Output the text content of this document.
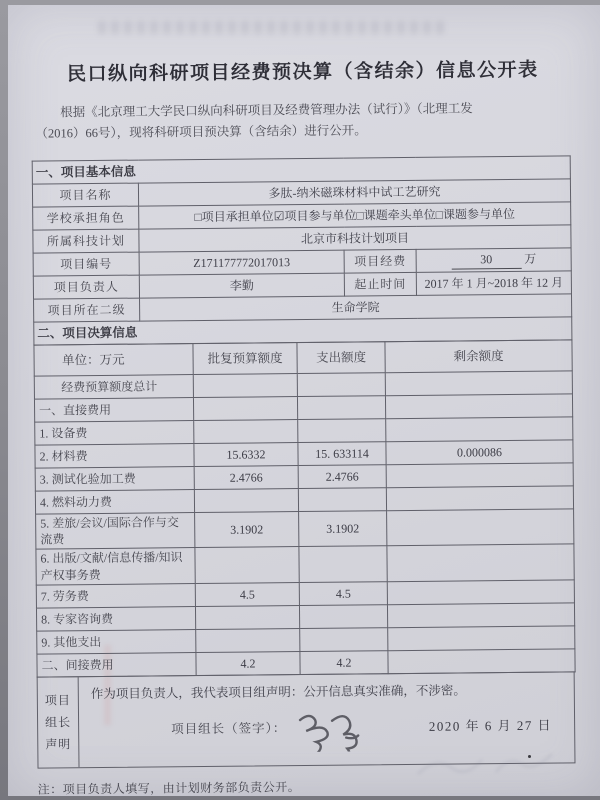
民口纵向科研项目经费预决算（含结余）信息公开表
根据《北京理工大学民口纵向科研项目及经费管理办法（试行）》（北理工发
（2016）66号），现将科研项目预决算（含结余）进行公开。
一、项目基本信息			
项目名称	多肽-纳米磁珠材料中试工艺研究		
学校承担角色	□项目承担单位☑项目参与单位□课题牵头单位□课题参与单位		
所属科技计划	北京市科技计划项目		
项目编号	Z171177772017013	项目经费	30 万
项目负责人	李勤	起止时间	2017 年 1 月~2018 年 12 月
项目所在二级	生命学院		
二、项目决算信息			
单位：万元	批复预算额度	支出额度	剩余额度
经费预算额度总计			
一、直接费用			
1. 设备费			
2. 材料费	15.6332	15. 633114	0.000086
3. 测试化验加工费	2.4766	2.4766	
4. 燃料动力费			
5. 差旅/会议/国际合作与交流费	3.1902	3.1902	
6. 出版/文献/信息传播/知识产权事务费			
7. 劳务费	4.5	4.5	
8. 专家咨询费			
9. 其他支出			
二、间接费用	4.2	4.2	
项目
组长
声明
作为项目负责人，我代表项目组声明：公开信息真实准确，不涉密。
项目组长（签字）：	2020 年 6 月 27 日
注：项目负责人填写，由计划财务部负责公开。
